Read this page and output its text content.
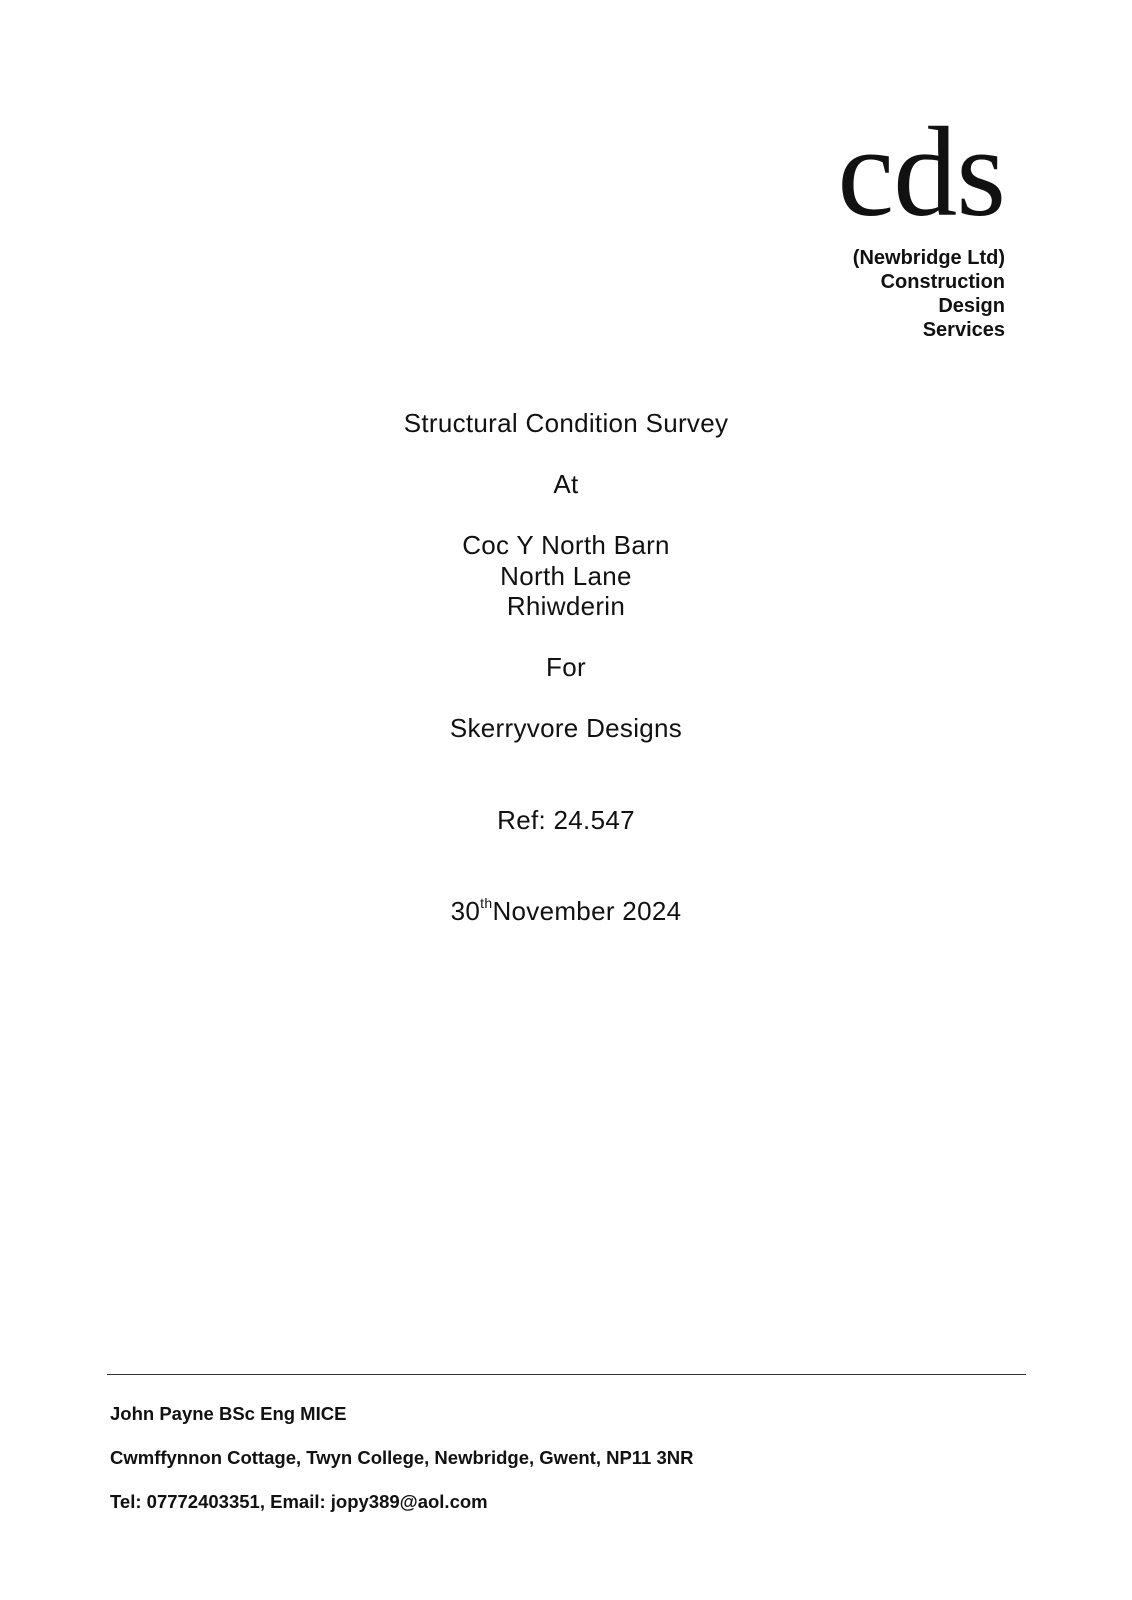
cds
(Newbridge Ltd)
Construction
Design
Services
Structural Condition Survey
At
Coc Y North Barn
North Lane
Rhiwderin
For
Skerryvore Designs
Ref: 24.547
30thNovember 2024
John Payne BSc Eng MICE
Cwmffynnon Cottage, Twyn College, Newbridge, Gwent, NP11 3NR
Tel: 07772403351, Email: jopy389@aol.com
